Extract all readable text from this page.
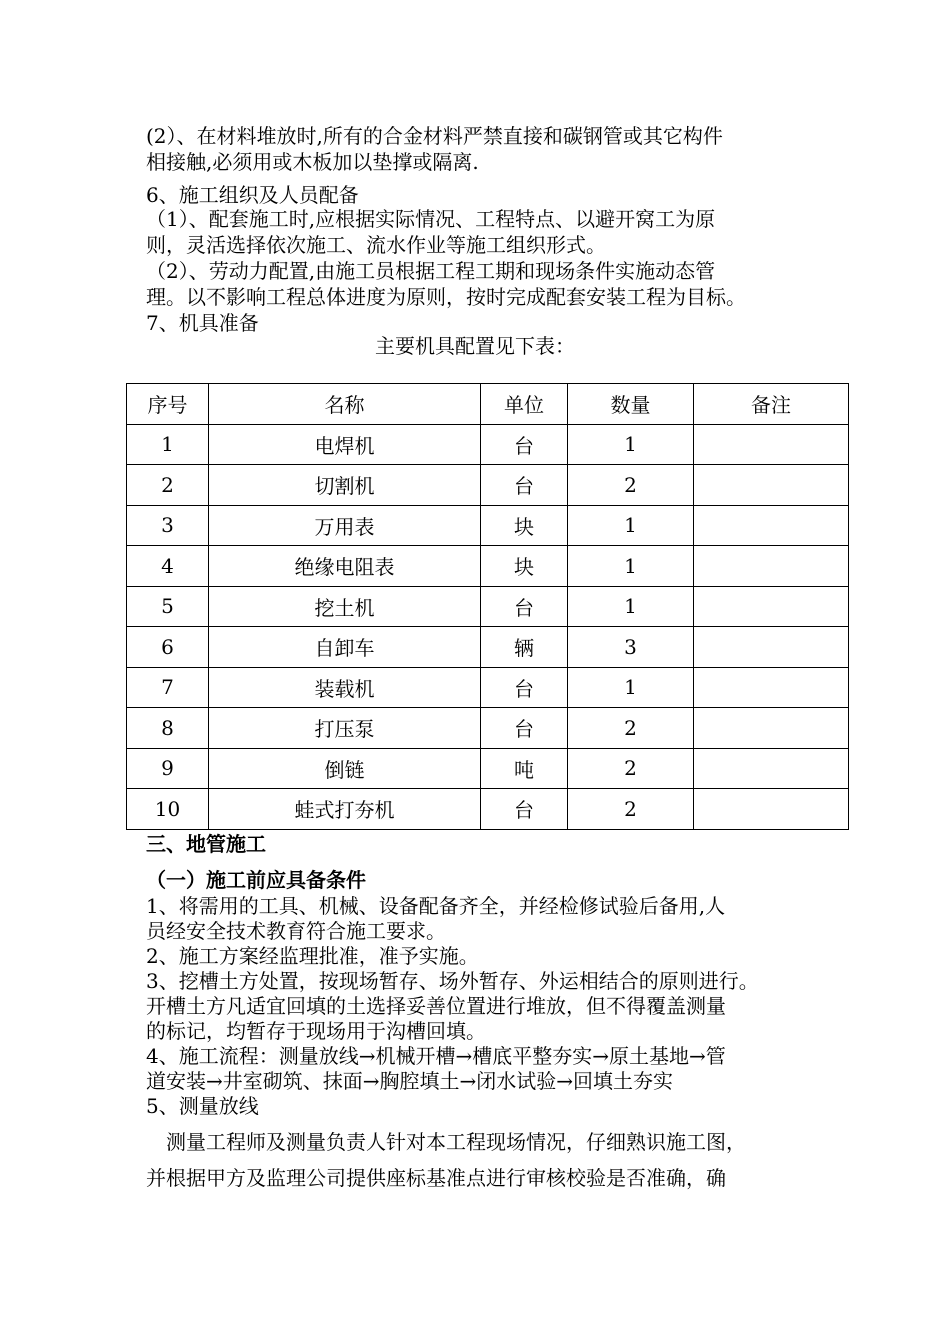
(2）、在材料堆放时,所有的合金材料严禁直接和碳钢管或其它构件
相接触,必须用或木板加以垫撑或隔离.
6、施工组织及人员配备
（1）、配套施工时,应根据实际情况、工程特点、以避开窝工为原
则，灵活选择依次施工、流水作业等施工组织形式。
（2）、劳动力配置,由施工员根据工程工期和现场条件实施动态管
理。以不影响工程总体进度为原则，按时完成配套安装工程为目标。
7、机具准备
主要机具配置见下表：
序号	名称	单位	数量	备注
1	电焊机	台	1	
2	切割机	台	2	
3	万用表	块	1	
4	绝缘电阻表	块	1	
5	挖土机	台	1	
6	自卸车	辆	3	
7	装载机	台	1	
8	打压泵	台	2	
9	倒链	吨	2	
10	蛙式打夯机	台	2	
三、地管施工
（一）施工前应具备条件
1、将需用的工具、机械、设备配备齐全，并经检修试验后备用,人
员经安全技术教育符合施工要求。
2、施工方案经监理批准，准予实施。
3、挖槽土方处置，按现场暂存、场外暂存、外运相结合的原则进行。
开槽土方凡适宜回填的土选择妥善位置进行堆放，但不得覆盖测量
的标记，均暂存于现场用于沟槽回填。
4、施工流程：测量放线→机械开槽→槽底平整夯实→原土基地→管
道安装→井室砌筑、抹面→胸腔填土→闭水试验→回填土夯实
5、测量放线
　测量工程师及测量负责人针对本工程现场情况，仔细熟识施工图，
并根据甲方及监理公司提供座标基准点进行审核校验是否准确，确
